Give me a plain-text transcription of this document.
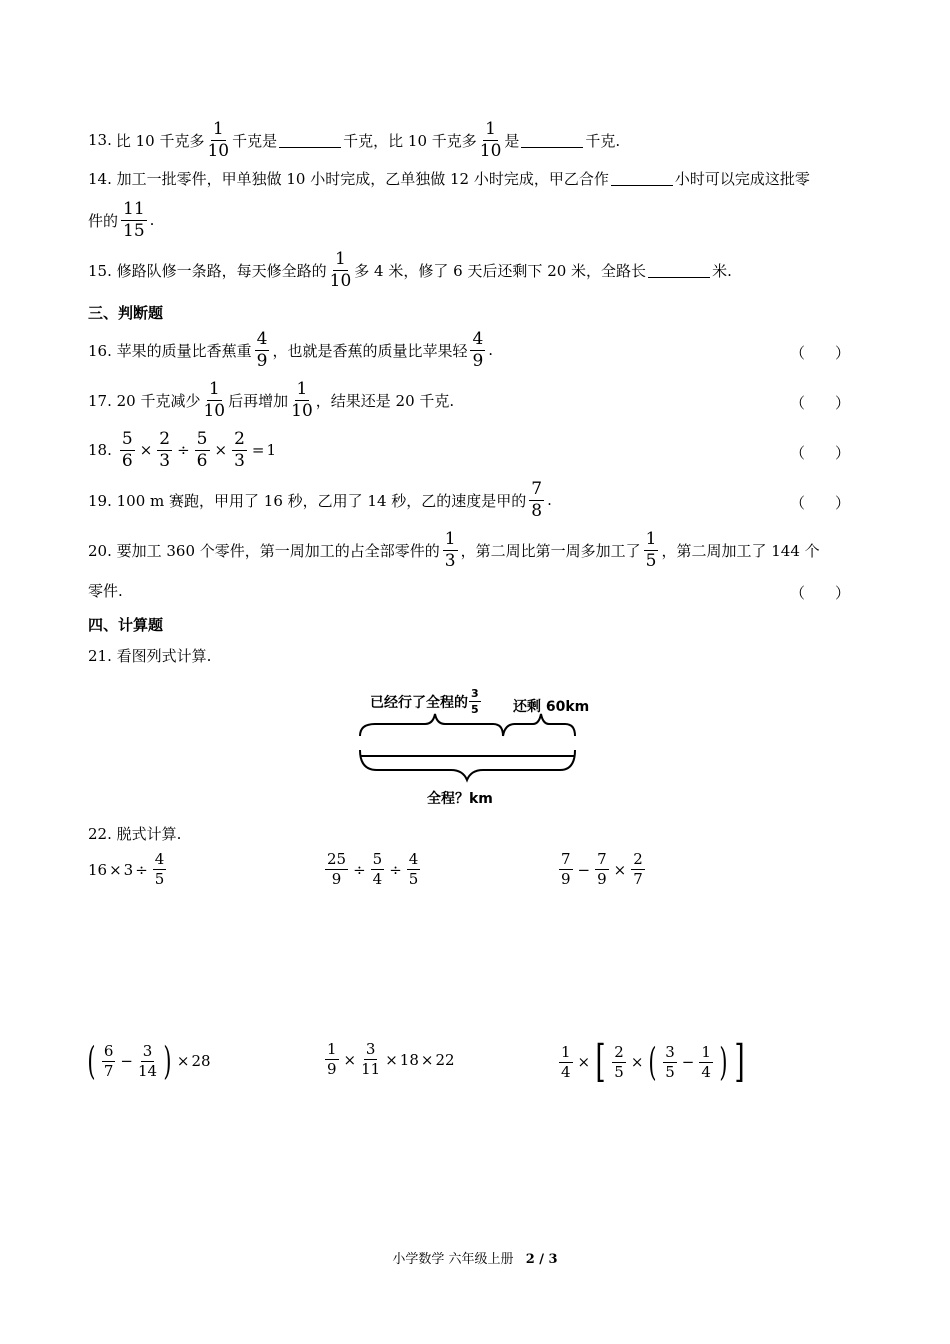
13. 比 10 千克多 $\frac{1}{10}$ 千克是	千克，比 10 千克多 $\frac{1}{10}$ 是	千克.
14. 加工一批零件，甲单独做 10 小时完成，乙单独做 12 小时完成，甲乙合作	小时可以完成这批零
件的 $\frac{11}{15}$ .
15. 修路队修一条路，每天修全路的 $\frac{1}{10}$ 多 4 米，修了 6 天后还剩下 20 米，全路长	米.
三、判断题
16. 苹果的质量比香蕉重 $\frac{4}{9}$ ，也就是香蕉的质量比苹果轻 $\frac{4}{9}$ .	（　　）
17. 20 千克减少 $\frac{1}{10}$ 后再增加 $\frac{1}{10}$ ，结果还是 20 千克.	（　　）
18. $\frac{5}{6} \times \frac{2}{3} \div \frac{5}{6} \times \frac{2}{3} = 1$	（　　）
19. 100 m 赛跑，甲用了 16 秒，乙用了 14 秒，乙的速度是甲的 $\frac{7}{8}$ .	（　　）
20. 要加工 360 个零件，第一周加工的占全部零件的 $\frac{1}{3}$ ，第二周比第一周多加工了 $\frac{1}{5}$ ，第二周加工了 144 个
零件.	（　　）
四、计算题
21. 看图列式计算.
已经行了全程的 $\frac{3}{5}$ 还剩 60km
全程？km
22. 脱式计算.
$16 \times 3 \div \frac{4}{5}$	$\frac{25}{9} \div \frac{5}{4} \div \frac{4}{5}$	$\frac{7}{9} - \frac{7}{9} \times \frac{2}{7}$
( $\frac{6}{7} - \frac{3}{14}$ ) × 28	$\frac{1}{9} \times \frac{3}{11} \times 18 \times 22$	$\frac{1}{4}$ × [ $\frac{2}{5}$ × ( $\frac{3}{5} - \frac{1}{4}$ ) ]
小学数学 六年级上册 2 / 3
